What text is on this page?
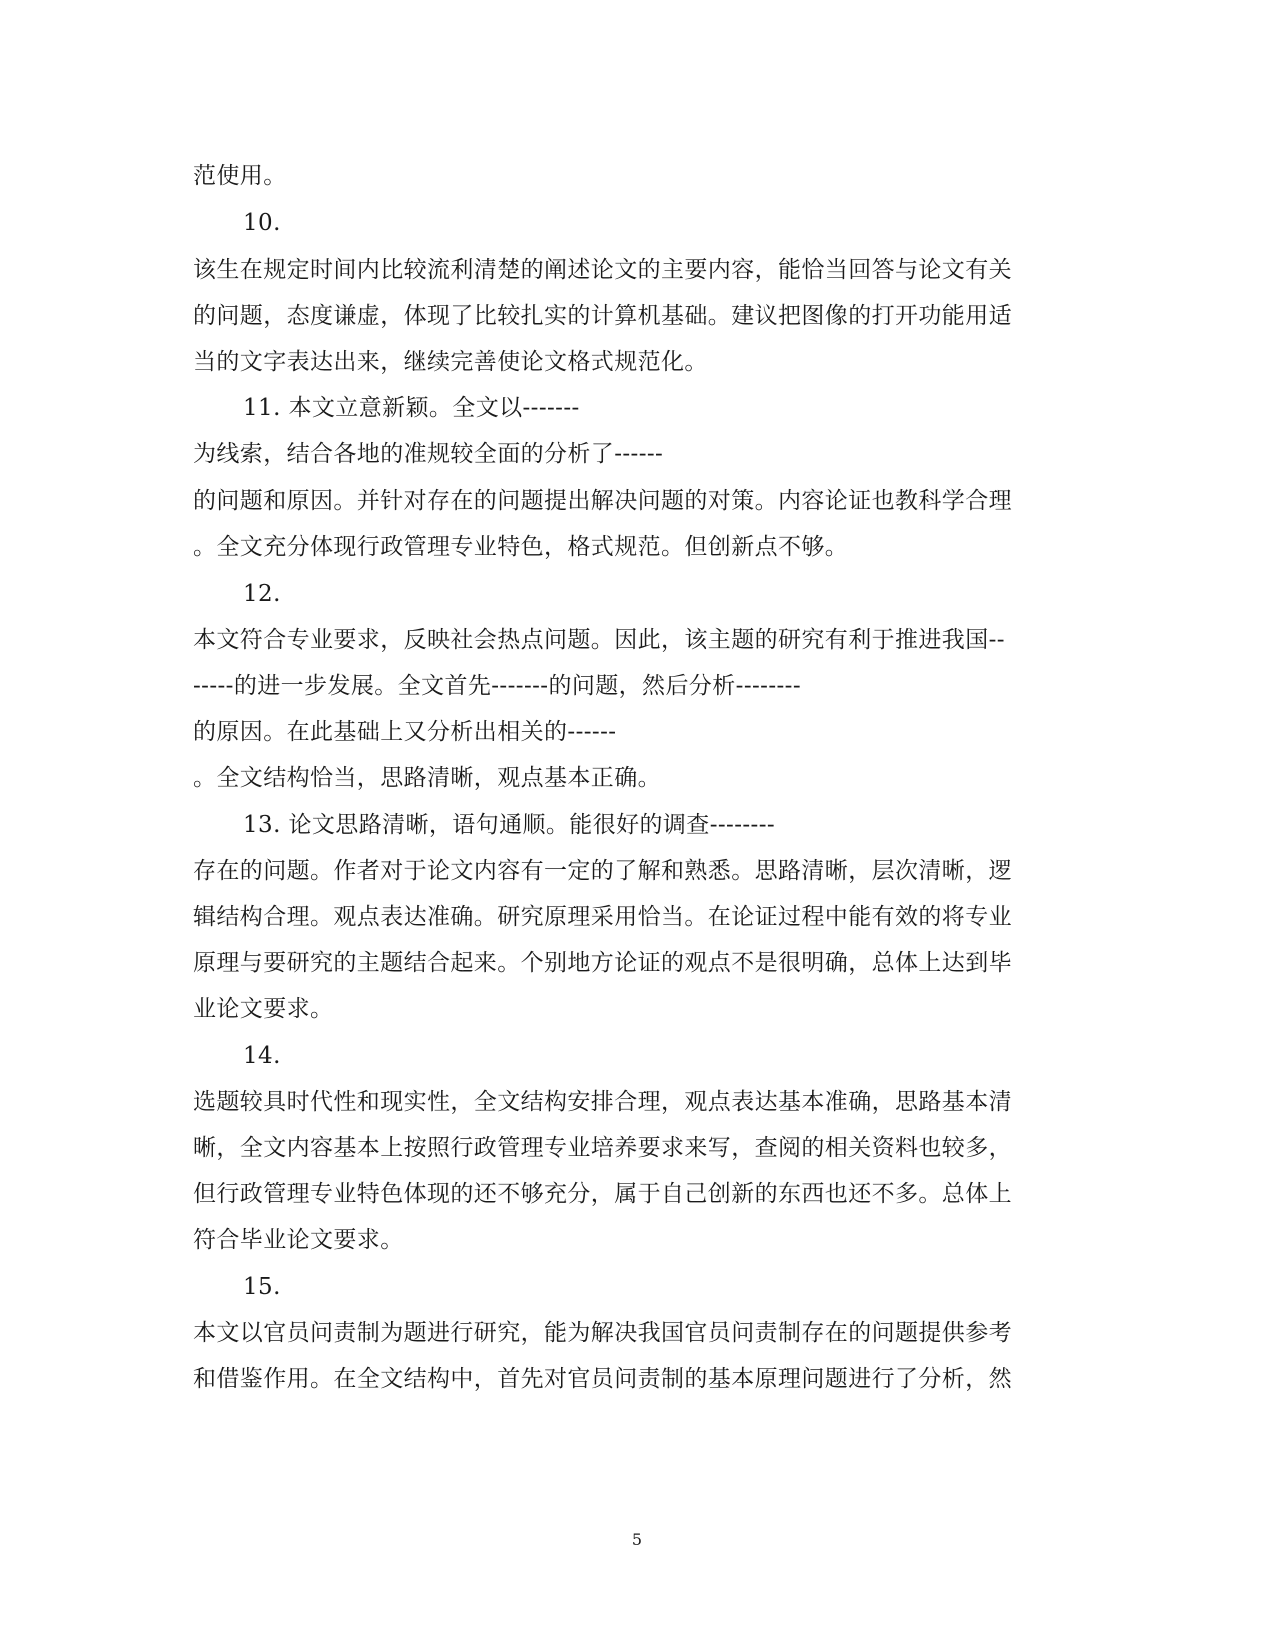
范使用。
10.
该生在规定时间内比较流利清楚的阐述论文的主要内容，能恰当回答与论文有关
的问题，态度谦虚，体现了比较扎实的计算机基础。建议把图像的打开功能用适
当的文字表达出来，继续完善使论文格式规范化。
11. 本文立意新颖。全文以-------
为线索，结合各地的准规较全面的分析了------
的问题和原因。并针对存在的问题提出解决问题的对策。内容论证也教科学合理
。全文充分体现行政管理专业特色，格式规范。但创新点不够。
12.
本文符合专业要求，反映社会热点问题。因此，该主题的研究有利于推进我国--
-----的进一步发展。全文首先-------的问题，然后分析--------
的原因。在此基础上又分析出相关的------
。全文结构恰当，思路清晰，观点基本正确。
13. 论文思路清晰，语句通顺。能很好的调查--------
存在的问题。作者对于论文内容有一定的了解和熟悉。思路清晰，层次清晰，逻
辑结构合理。观点表达准确。研究原理采用恰当。在论证过程中能有效的将专业
原理与要研究的主题结合起来。个别地方论证的观点不是很明确，总体上达到毕
业论文要求。
14.
选题较具时代性和现实性，全文结构安排合理，观点表达基本准确，思路基本清
晰，全文内容基本上按照行政管理专业培养要求来写，查阅的相关资料也较多，
但行政管理专业特色体现的还不够充分，属于自己创新的东西也还不多。总体上
符合毕业论文要求。
15.
本文以官员问责制为题进行研究，能为解决我国官员问责制存在的问题提供参考
和借鉴作用。在全文结构中，首先对官员问责制的基本原理问题进行了分析，然
5
